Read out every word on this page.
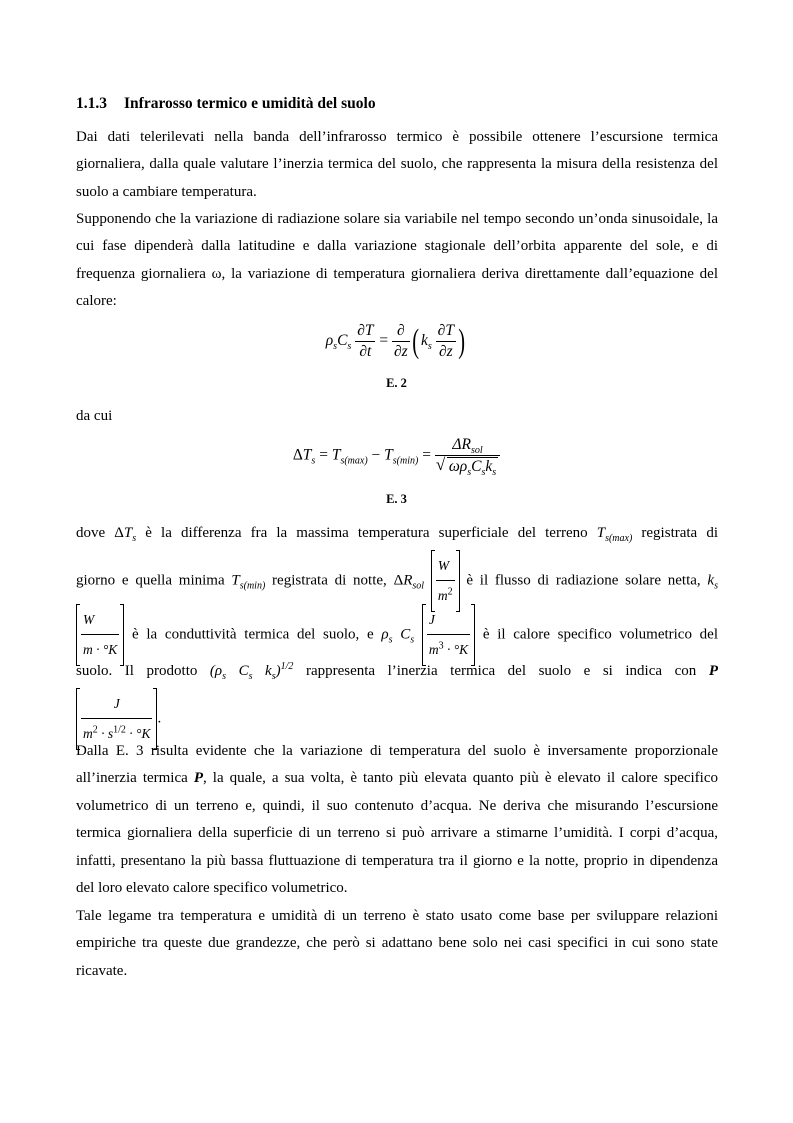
1.1.3 Infrarosso termico e umidità del suolo
Dai dati telerilevati nella banda dell’infrarosso termico è possibile ottenere l’escursione termica giornaliera, dalla quale valutare l’inerzia termica del suolo, che rappresenta la misura della resistenza del suolo a cambiare temperatura.
Supponendo che la variazione di radiazione solare sia variabile nel tempo secondo un’onda sinusoidale, la cui fase dipenderà dalla latitudine e dalla variazione stagionale dell’orbita apparente del sole, e di frequenza giornaliera ω, la variazione di temperatura giornaliera deriva direttamente dall’equazione del calore:
$\rho_sC_s \frac{\partial T}{\partial t} = \frac{\partial}{\partial z}$ ( $k_s \frac{\partial T}{\partial z}$ )
E. 2
da cui
$\Delta T_s = T_{s(max)} - T_{s(min)} = \Delta R_{sol}$
√ $\omega\rho_sC_sk_s$
E. 3
dove $\Delta T_s$ è la differenza fra la massima temperatura superficiale del terreno $T_{s(max)}$ registrata di
giorno e quella minima $T_{s(min)}$ registrata di notte, $\Delta R_{sol} \frac{W}{m^2}$ è il flusso di radiazione solare netta, $k_s$
$\frac{W}{m \cdot ^\circ K}$ è la conduttività termica del suolo, e $\rho_s$ $C_s \frac{J}{m^3 \cdot ^\circ K}$ è il calore specifico volumetrico del
suolo. Il prodotto ($\rho_s$ $C_s$ $k_s)^{1/2}$ rappresenta l’inerzia termica del suolo e si indica con P
$\frac{J}{m^2 \cdot s^{1/2} \cdot ^\circ K}$ .
Dalla E. 3 risulta evidente che la variazione di temperatura del suolo è inversamente proporzionale all’inerzia termica P, la quale, a sua volta, è tanto più elevata quanto più è elevato il calore specifico volumetrico di un terreno e, quindi, il suo contenuto d’acqua. Ne deriva che misurando l’escursione termica giornaliera della superficie di un terreno si può arrivare a stimarne l’umidità. I corpi d’acqua, infatti, presentano la più bassa fluttuazione di temperatura tra il giorno e la notte, proprio in dipendenza del loro elevato calore specifico volumetrico.
Tale legame tra temperatura e umidità di un terreno è stato usato come base per sviluppare relazioni empiriche tra queste due grandezze, che però si adattano bene solo nei casi specifici in cui sono state ricavate.
